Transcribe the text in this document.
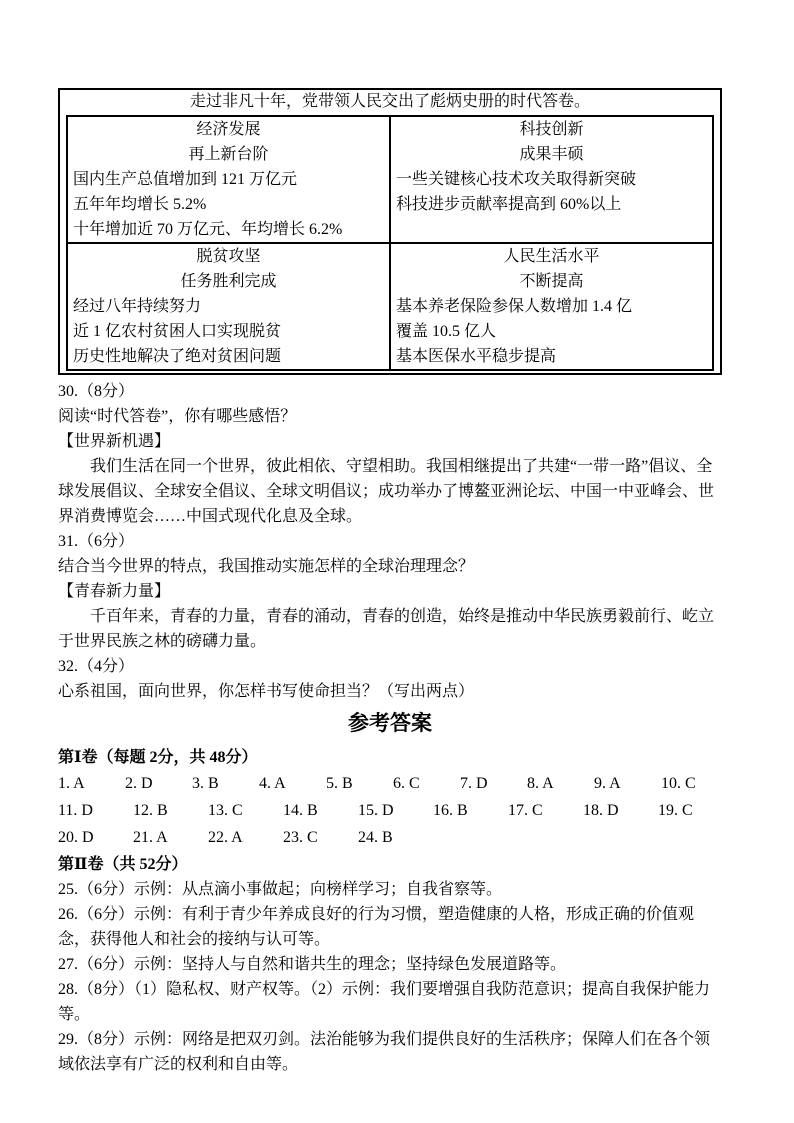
走过非凡十年，党带领人民交出了彪炳史册的时代答卷。
经济发展
再上新台阶
国内生产总值增加到 121 万亿元
五年年均增长 5.2%
十年增加近 70 万亿元、年均增长 6.2%
科技创新
成果丰硕
一些关键核心技术攻关取得新突破
科技进步贡献率提高到 60%以上
脱贫攻坚
任务胜利完成
经过八年持续努力
近 1 亿农村贫困人口实现脱贫
历史性地解决了绝对贫困问题
人民生活水平
不断提高
基本养老保险参保人数增加 1.4 亿
覆盖 10.5 亿人
基本医保水平稳步提高
30.（8分）
阅读“时代答卷”，你有哪些感悟？
【世界新机遇】
我们生活在同一个世界，彼此相依、守望相助。我国相继提出了共建“一带一路”倡议、全球发展倡议、全球安全倡议、全球文明倡议；成功举办了博鳌亚洲论坛、中国一中亚峰会、世界消费博览会……中国式现代化息及全球。
31.（6分）
结合当今世界的特点，我国推动实施怎样的全球治理理念？
【青春新力量】
千百年来，青春的力量，青春的涌动，青春的创造，始终是推动中华民族勇毅前行、屹立于世界民族之林的磅礴力量。
32.（4分）
心系祖国，面向世界，你怎样书写使命担当？（写出两点）
参考答案
第Ⅰ卷（每题 2分，共 48分）
1. A	2. D 3. B	4. A	5. B	6. C	7. D 8. A	9. A	10. C
11. D	12. B	13. C	14. B	15. D 16. B	17. C	18. D 19. C
20. D 21. A	22. A	23. C	24. B
第Ⅱ卷（共 52分）
25.（6分）示例：从点滴小事做起；向榜样学习；自我省察等。
26.（6分）示例：有利于青少年养成良好的行为习惯，塑造健康的人格，形成正确的价值观念，获得他人和社会的接纳与认可等。
27.（6分）示例：坚持人与自然和谐共生的理念；坚持绿色发展道路等。
28.（8分）（1）隐私权、财产权等。（2）示例：我们要增强自我防范意识；提高自我保护能力等。
29.（8分）示例：网络是把双刃剑。法治能够为我们提供良好的生活秩序；保障人们在各个领域依法享有广泛的权利和自由等。
